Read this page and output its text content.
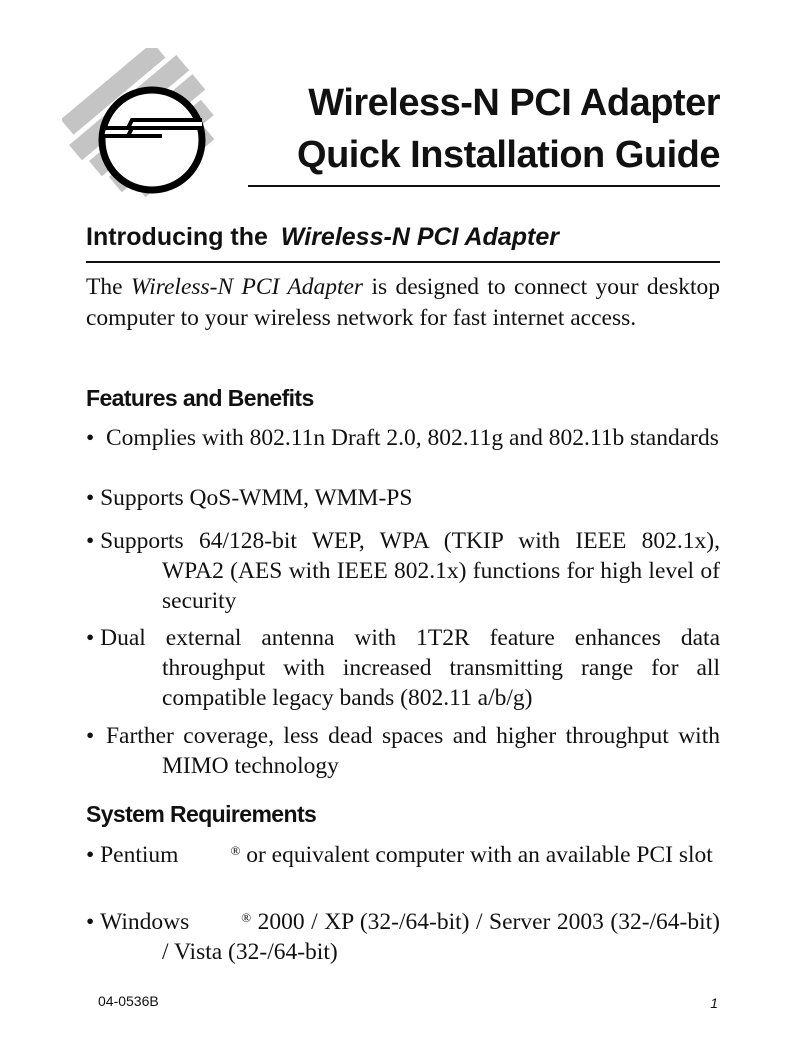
Wireless-N PCI Adapter
Quick Installation Guide
Introducing the Wireless-N PCI Adapter
The Wireless-N PCI Adapter is designed to connect your desktop computer to your wireless network for fast internet access.
Features and Benefits
•  Complies with 802.11n Draft 2.0, 802.11g and 802.11b standards
• Supports QoS-WMM, WMM-PS
• Supports 64/128-bit WEP, WPA (TKIP with IEEE 802.1x), WPA2 (AES with IEEE 802.1x) functions for high level of security
• Dual external antenna with 1T2R feature enhances data throughput with increased transmitting range for all compatible legacy bands (802.11 a/b/g)
•  Farther coverage, less dead spaces and higher throughput with MIMO technology
System Requirements
• Pentium	® or equivalent computer with an available PCI slot
• Windows	® 2000 / XP (32-/64-bit) / Server 2003 (32-/64-bit) / Vista (32-/64-bit)
04-0536B	1
